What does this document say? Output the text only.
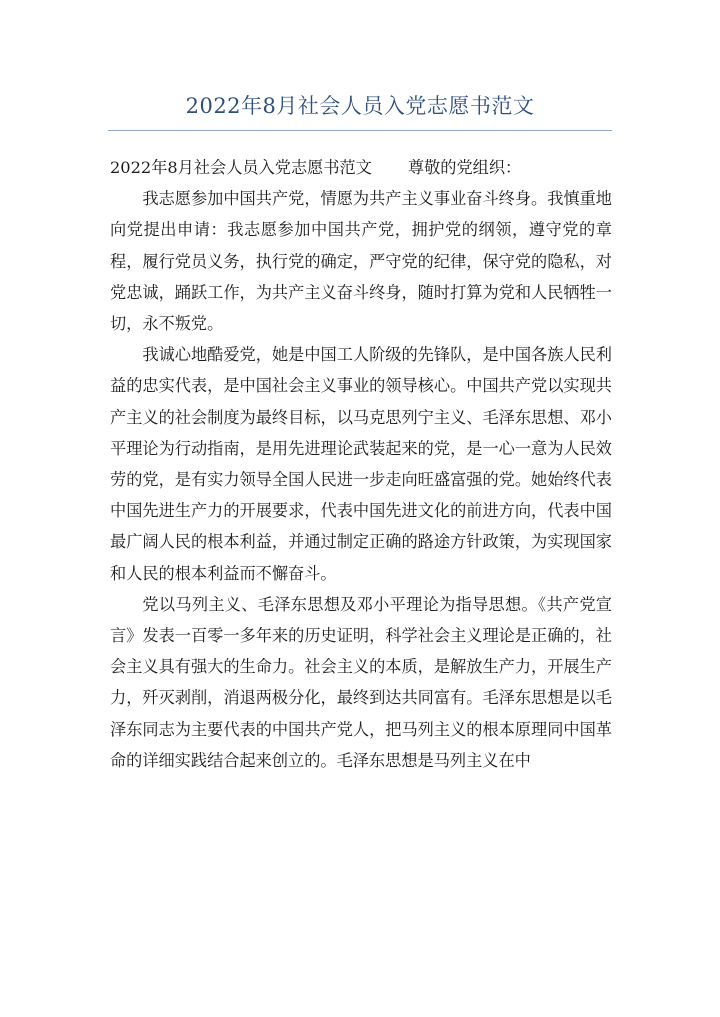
2022年8月社会人员入党志愿书范文

2022年8月社会人员入党志愿书范文 尊敬的党组织：

我志愿参加中国共产党，情愿为共产主义事业奋斗终身。我慎重地向党提出申请：我志愿参加中国共产党，拥护党的纲领，遵守党的章程，履行党员义务，执行党的确定，严守党的纪律，保守党的隐私，对党忠诚，踊跃工作，为共产主义奋斗终身，随时打算为党和人民牺牲一切，永不叛党。

我诚心地酷爱党，她是中国工人阶级的先锋队，是中国各族人民利益的忠实代表，是中国社会主义事业的领导核心。中国共产党以实现共产主义的社会制度为最终目标，以马克思列宁主义、毛泽东思想、邓小平理论为行动指南，是用先进理论武装起来的党，是一心一意为人民效劳的党，是有实力领导全国人民进一步走向旺盛富强的党。她始终代表中国先进生产力的开展要求，代表中国先进文化的前进方向，代表中国最广阔人民的根本利益，并通过制定正确的路途方针政策，为实现国家和人民的根本利益而不懈奋斗。

党以马列主义、毛泽东思想及邓小平理论为指导思想。《共产党宣言》发表一百零一多年来的历史证明，科学社会主义理论是正确的，社会主义具有强大的生命力。社会主义的本质，是解放生产力，开展生产力，歼灭剥削，消退两极分化，最终到达共同富有。毛泽东思想是以毛泽东同志为主要代表的中国共产党人，把马列主义的根本原理同中国革命的详细实践结合起来创立的。毛泽东思想是马列主义在中
